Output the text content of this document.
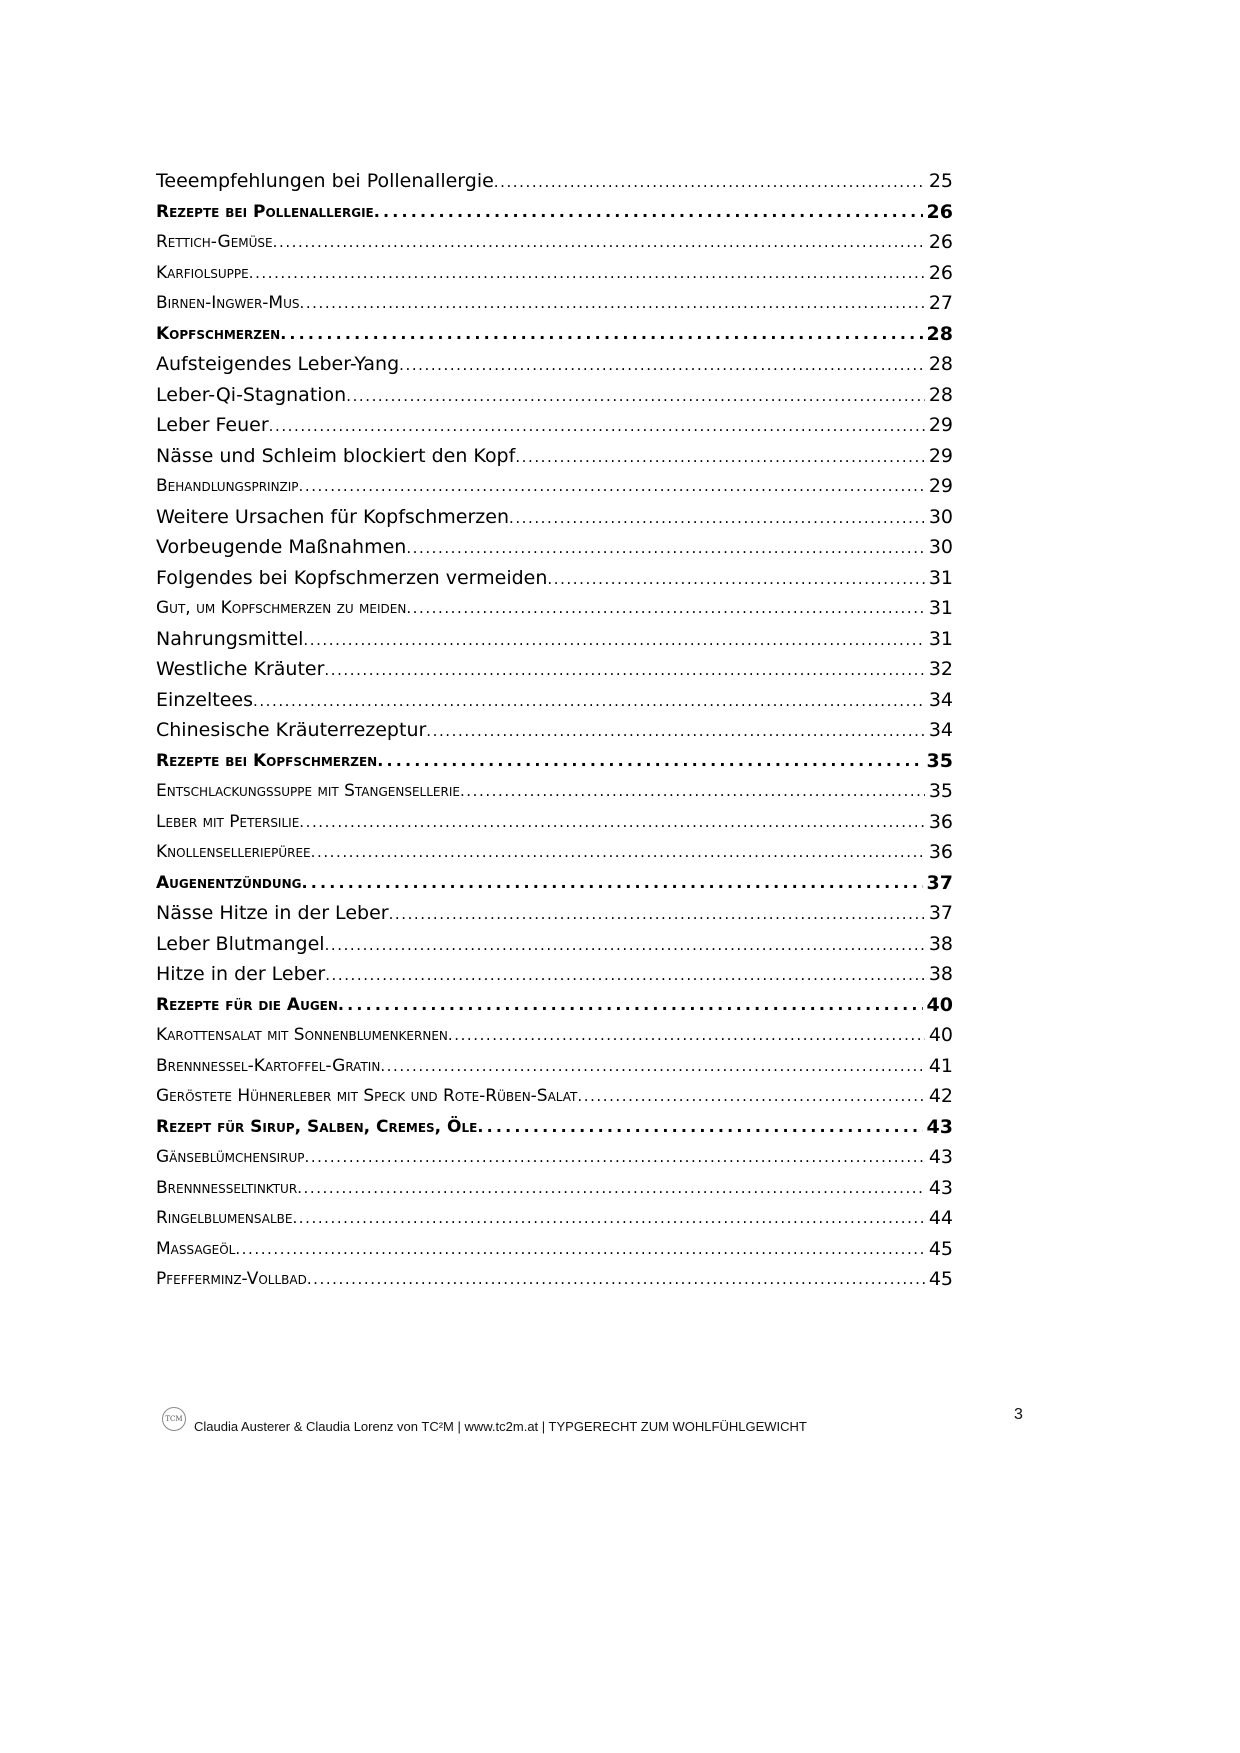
Teeempfehlungen bei Pollenallergie . . .	25
Rezepte bei Pollenallergie . . .	26
Rettich-Gemüse . . .	26
Karfiolsuppe . . .	26
Birnen-Ingwer-Mus . . .	27
Kopfschmerzen . . .	28
Aufsteigendes Leber-Yang . . .	28
Leber-Qi-Stagnation . . .	28
Leber Feuer . . .	29
Nässe und Schleim blockiert den Kopf . . .	29
Behandlungsprinzip . . .	29
Weitere Ursachen für Kopfschmerzen . . .	30
Vorbeugende Maßnahmen . . .	30
Folgendes bei Kopfschmerzen vermeiden . . .	31
Gut, um Kopfschmerzen zu meiden . . .	31
Nahrungsmittel . . .	31
Westliche Kräuter . . .	32
Einzeltees . . .	34
Chinesische Kräuterrezeptur . . .	34
Rezepte bei Kopfschmerzen . . .	35
Entschlackungssuppe mit Stangensellerie . . .	35
Leber mit Petersilie . . .	36
Knollenselleriepüree . . .	36
Augenentzündung . . .	37
Nässe Hitze in der Leber . . .	37
Leber Blutmangel . . .	38
Hitze in der Leber . . .	38
Rezepte für die Augen . . .	40
Karottensalat mit Sonnenblumenkernen . . .	40
Brennnessel-Kartoffel-Gratin . . .	41
Geröstete Hühnerleber mit Speck und Rote-Rüben-Salat . . .	42
Rezept für Sirup, Salben, Cremes, Öle . . .	43
Gänseblümchensirup . . .	43
Brennnesseltinktur . . .	43
Ringelblumensalbe . . .	44
Massageöl . . .	45
Pfefferminz-Vollbad . . .	45
TCM Claudia Austerer & Claudia Lorenz von TC²M | www.tc2m.at | TYPGERECHT ZUM WOHLFÜHLGEWICHT
3
